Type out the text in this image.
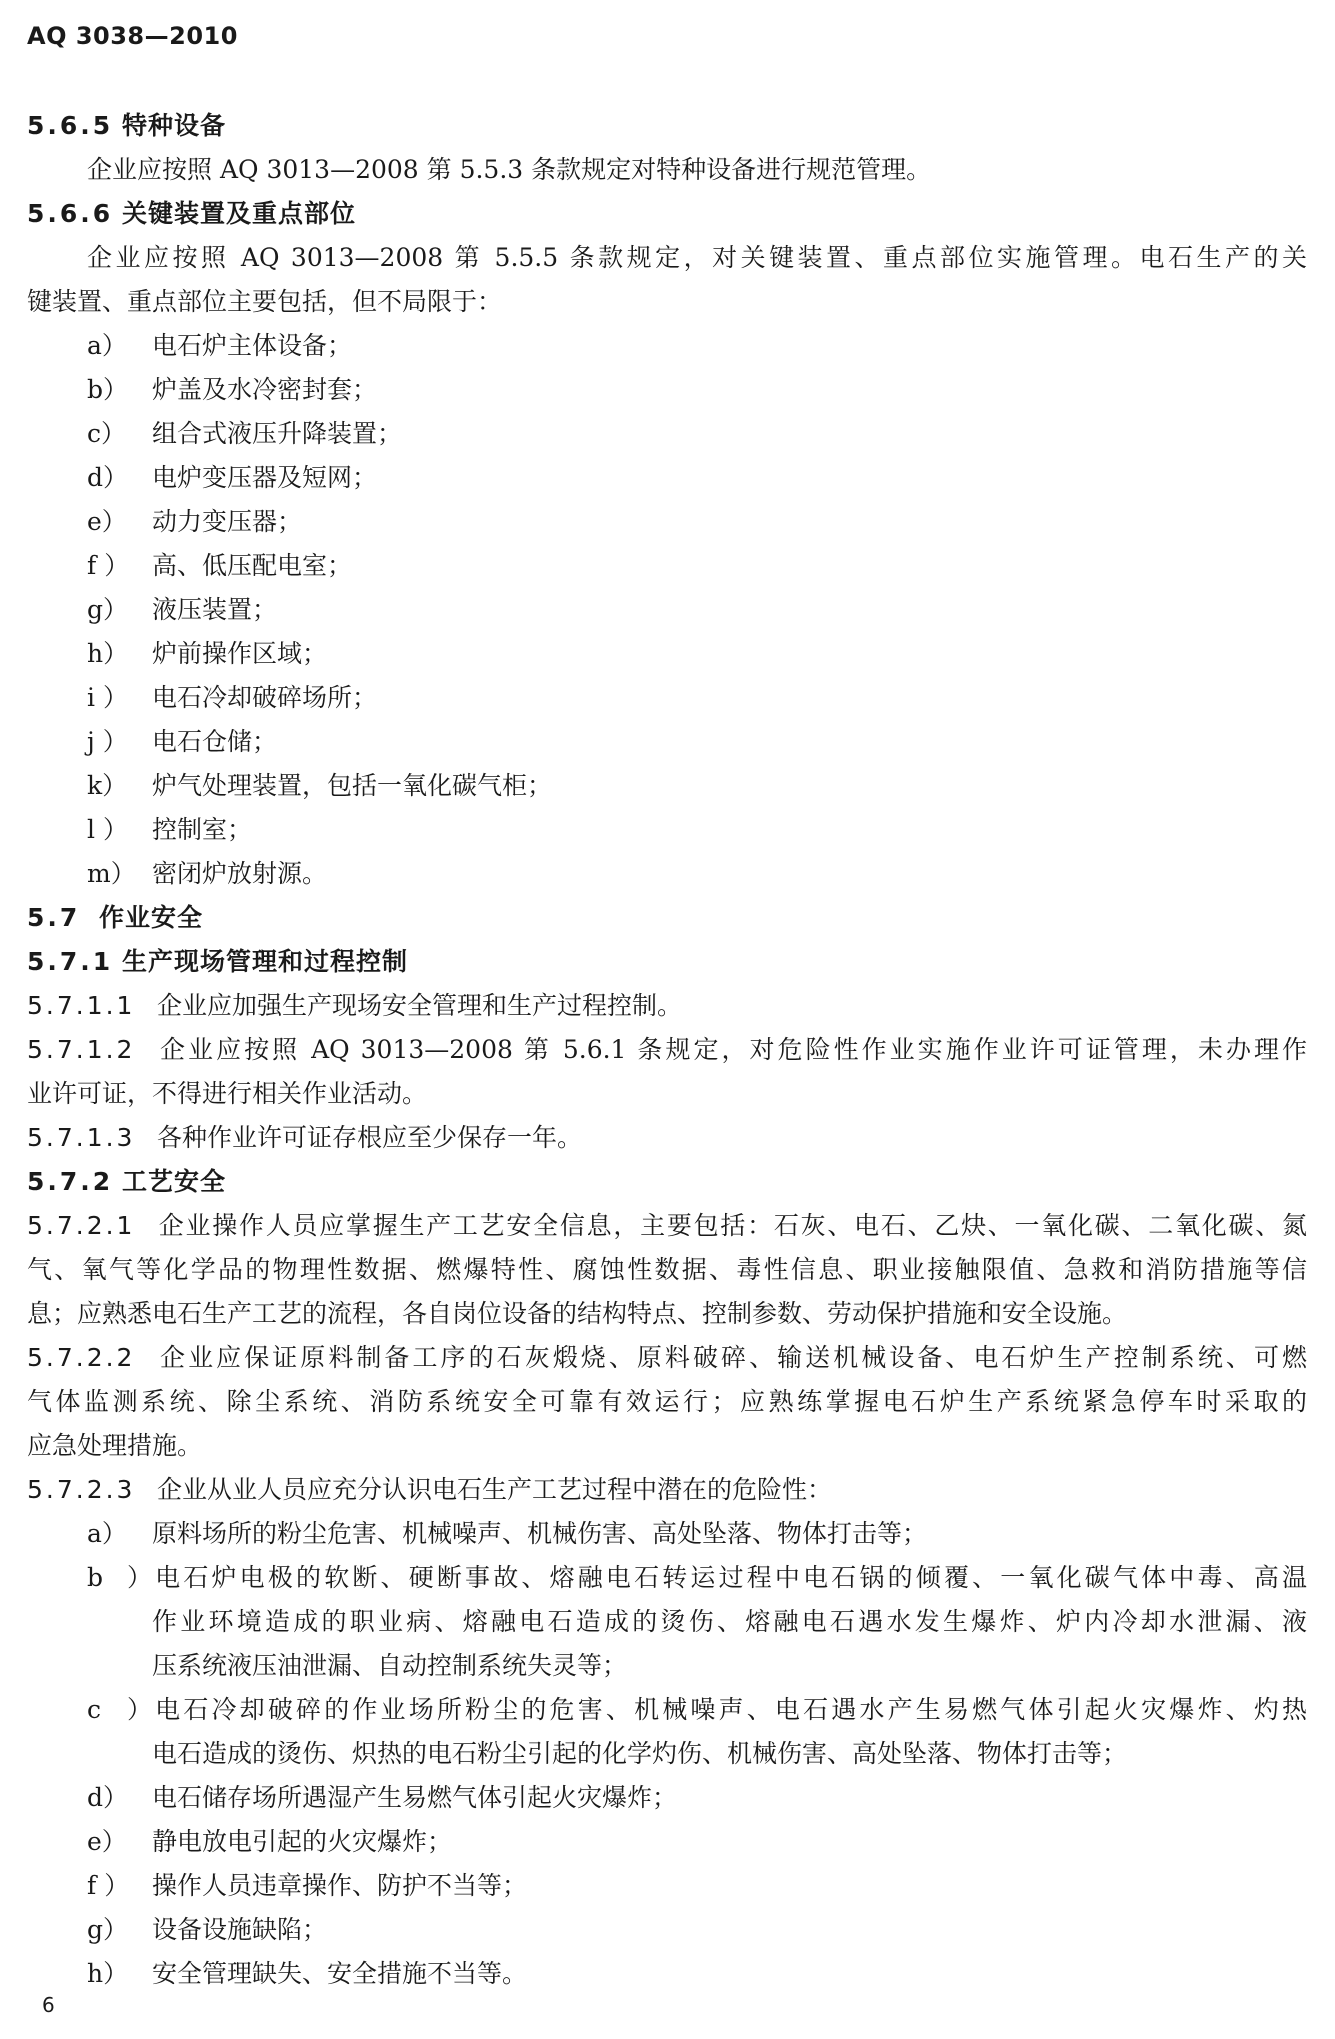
AQ 3038—2010
5.6.5 特种设备
企业应按照 AQ 3013—2008 第 5.5.3 条款规定对特种设备进行规范管理。
5.6.6 关键装置及重点部位
企业应按照 AQ 3013—2008 第 5.5.5 条款规定，对关键装置、重点部位实施管理。电石生产的关
键装置、重点部位主要包括，但不局限于：
a） 电石炉主体设备；
b） 炉盖及水冷密封套；
c） 组合式液压升降装置；
d） 电炉变压器及短网；
e） 动力变压器；
f ） 高、低压配电室；
g） 液压装置；
h） 炉前操作区域；
i ） 电石冷却破碎场所；
j ） 电石仓储；
k） 炉气处理装置，包括一氧化碳气柜；
l ） 控制室；
m） 密闭炉放射源。
5.7 作业安全
5.7.1 生产现场管理和过程控制
5.7.1.1 企业应加强生产现场安全管理和生产过程控制。
5.7.1.2 企业应按照 AQ 3013—2008 第 5.6.1 条规定，对危险性作业实施作业许可证管理，未办理作
业许可证，不得进行相关作业活动。
5.7.1.3 各种作业许可证存根应至少保存一年。
5.7.2 工艺安全
5.7.2.1 企业操作人员应掌握生产工艺安全信息，主要包括：石灰、电石、乙炔、一氧化碳、二氧化碳、氮
气、氧气等化学品的物理性数据、燃爆特性、腐蚀性数据、毒性信息、职业接触限值、急救和消防措施等信
息；应熟悉电石生产工艺的流程，各自岗位设备的结构特点、控制参数、劳动保护措施和安全设施。
5.7.2.2 企业应保证原料制备工序的石灰煅烧、原料破碎、输送机械设备、电石炉生产控制系统、可燃
气体监测系统、除尘系统、消防系统安全可靠有效运行；应熟练掌握电石炉生产系统紧急停车时采取的
应急处理措施。
5.7.2.3 企业从业人员应充分认识电石生产工艺过程中潜在的危险性：
a） 原料场所的粉尘危害、机械噪声、机械伤害、高处坠落、物体打击等；
b）电石炉电极的软断、硬断事故、熔融电石转运过程中电石锅的倾覆、一氧化碳气体中毒、高温
作业环境造成的职业病、熔融电石造成的烫伤、熔融电石遇水发生爆炸、炉内冷却水泄漏、液
压系统液压油泄漏、自动控制系统失灵等；
c）电石冷却破碎的作业场所粉尘的危害、机械噪声、电石遇水产生易燃气体引起火灾爆炸、灼热
电石造成的烫伤、炽热的电石粉尘引起的化学灼伤、机械伤害、高处坠落、物体打击等；
d） 电石储存场所遇湿产生易燃气体引起火灾爆炸；
e） 静电放电引起的火灾爆炸；
f ） 操作人员违章操作、防护不当等；
g） 设备设施缺陷；
h） 安全管理缺失、安全措施不当等。
6
